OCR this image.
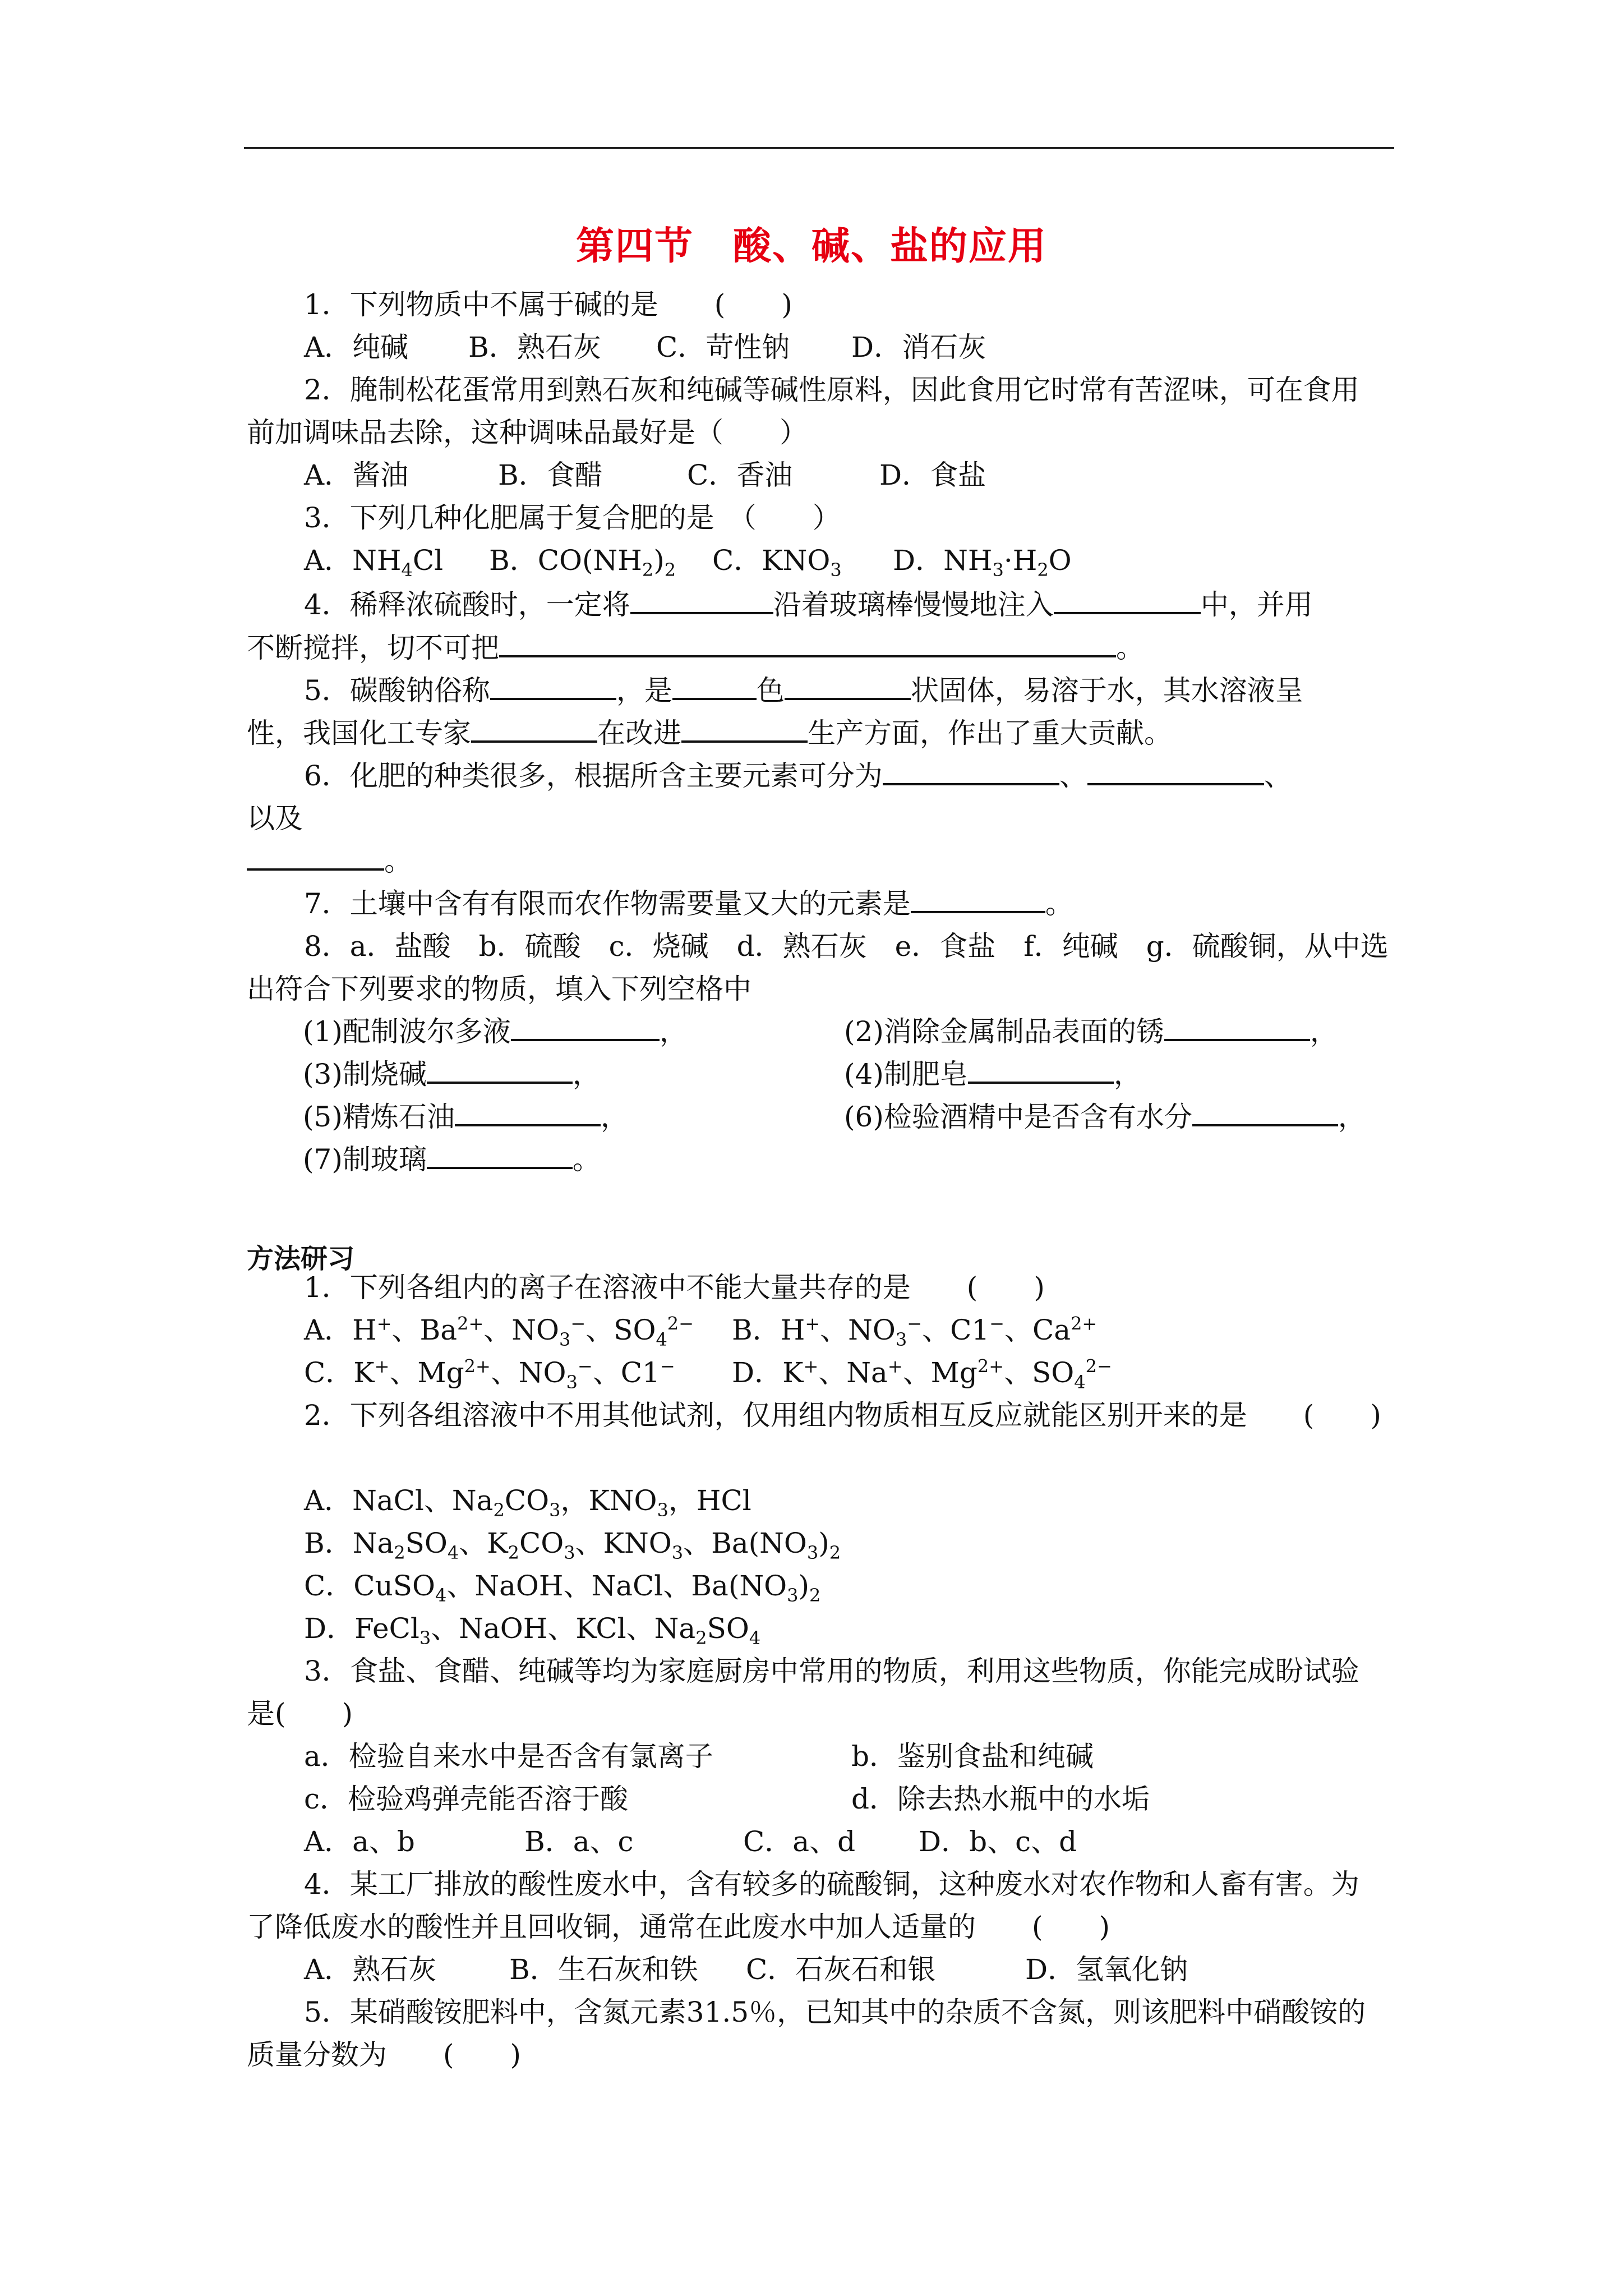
第四节　酸、碱、盐的应用
1．下列物质中不属于碱的是　　(　　)
A．纯碱 B．熟石灰 C．苛性钠 D．消石灰
2．腌制松花蛋常用到熟石灰和纯碱等碱性原料，因此食用它时常有苦涩味，可在食用
前加调味品去除，这种调味品最好是（　　）
A．酱油	B．食醋	C．香油	D．食盐
3．下列几种化肥属于复合肥的是　（　　）
A．$NH_4Cl$ B．$CO(NH_2)_2$ C．$KNO_3$ D．$NH_3\cdot H_2O$
4．稀释浓硫酸时，一定将	沿着玻璃棒慢慢地注入	中，并用
不断搅拌，切不可把	。
5．碳酸钠俗称	，是	色	状固体，易溶于水，其水溶液呈
性，我国化工专家	在改进	生产方面，作出了重大贡献。
6．化肥的种类很多，根据所含主要元素可分为	、	、
以及
。
7．土壤中含有有限而农作物需要量又大的元素是	。
8．a．盐酸　b．硫酸　c．烧碱　d．熟石灰　e．食盐　f．纯碱　g．硫酸铜，从中选
出符合下列要求的物质，填入下列空格中
(1)配制波尔多液	，	(2)消除金属制品表面的锈	，
(3)制烧碱	，	(4)制肥皂	，
(5)精炼石油	，	(6)检验酒精中是否含有水分	，
(7)制玻璃	。
方法研习
1．下列各组内的离子在溶液中不能大量共存的是　　(　　)
A．H+、$Ba^{2+}$、$NO_3^-$、$SO_4^{2-}$ B．H+、$NO_3^-$、C1−、$Ca^{2+}$
C．K+、$Mg^{2+}$、$NO_3^-$、C1− D．K+、Na+、$Mg^{2+}$、$SO_4^{2-}$
2．下列各组溶液中不用其他试剂，仅用组内物质相互反应就能区别开来的是　　(　　)
A．NaCl、$Na_2CO_3$，$KNO_3$，HCl
B．$Na_2SO_4$、$K_2CO_3$、$KNO_3$、$Ba(NO_3)_2$
C．CuSO$_4$、NaOH、NaCl、$Ba(NO_3)_2$
D．FeCl$_3$、NaOH、KCl、$Na_2SO_4$
3．食盐、食醋、纯碱等均为家庭厨房中常用的物质，利用这些物质，你能完成盼试验
是(　　)
a．检验自来水中是否含有氯离子	b．鉴别食盐和纯碱
c．检验鸡弹壳能否溶于酸	d．除去热水瓶中的水垢
A．a、b	B．a、c	C．a、d D．b、c、d
4．某工厂排放的酸性废水中，含有较多的硫酸铜，这种废水对农作物和人畜有害。为
了降低废水的酸性并且回收铜，通常在此废水中加人适量的　　(　　)
A．熟石灰	B．生石灰和铁 C．石灰石和银	D．氢氧化钠
5．某硝酸铵肥料中，含氮元素31.5％，已知其中的杂质不含氮，则该肥料中硝酸铵的
质量分数为　　(　　)
